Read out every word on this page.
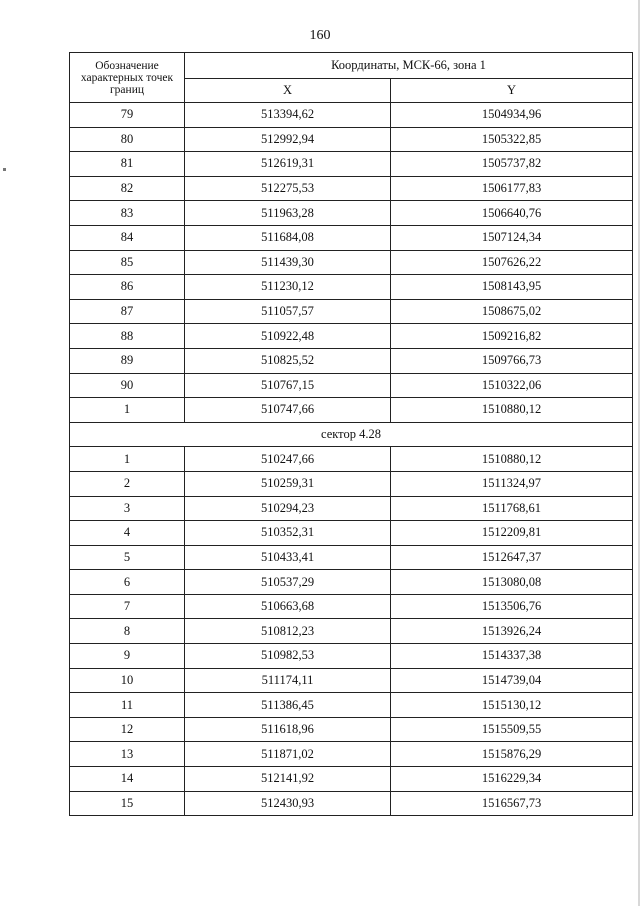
160
Обозначение характерных точек границ	Координаты, МСК-66, зона 1	
	X	Y
79	513394,62	1504934,96
80	512992,94	1505322,85
81	512619,31	1505737,82
82	512275,53	1506177,83
83	511963,28	1506640,76
84	511684,08	1507124,34
85	511439,30	1507626,22
86	511230,12	1508143,95
87	511057,57	1508675,02
88	510922,48	1509216,82
89	510825,52	1509766,73
90	510767,15	1510322,06
1	510747,66	1510880,12
сектор 4.28		
1	510247,66	1510880,12
2	510259,31	1511324,97
3	510294,23	1511768,61
4	510352,31	1512209,81
5	510433,41	1512647,37
6	510537,29	1513080,08
7	510663,68	1513506,76
8	510812,23	1513926,24
9	510982,53	1514337,38
10	511174,11	1514739,04
11	511386,45	1515130,12
12	511618,96	1515509,55
13	511871,02	1515876,29
14	512141,92	1516229,34
15	512430,93	1516567,73
